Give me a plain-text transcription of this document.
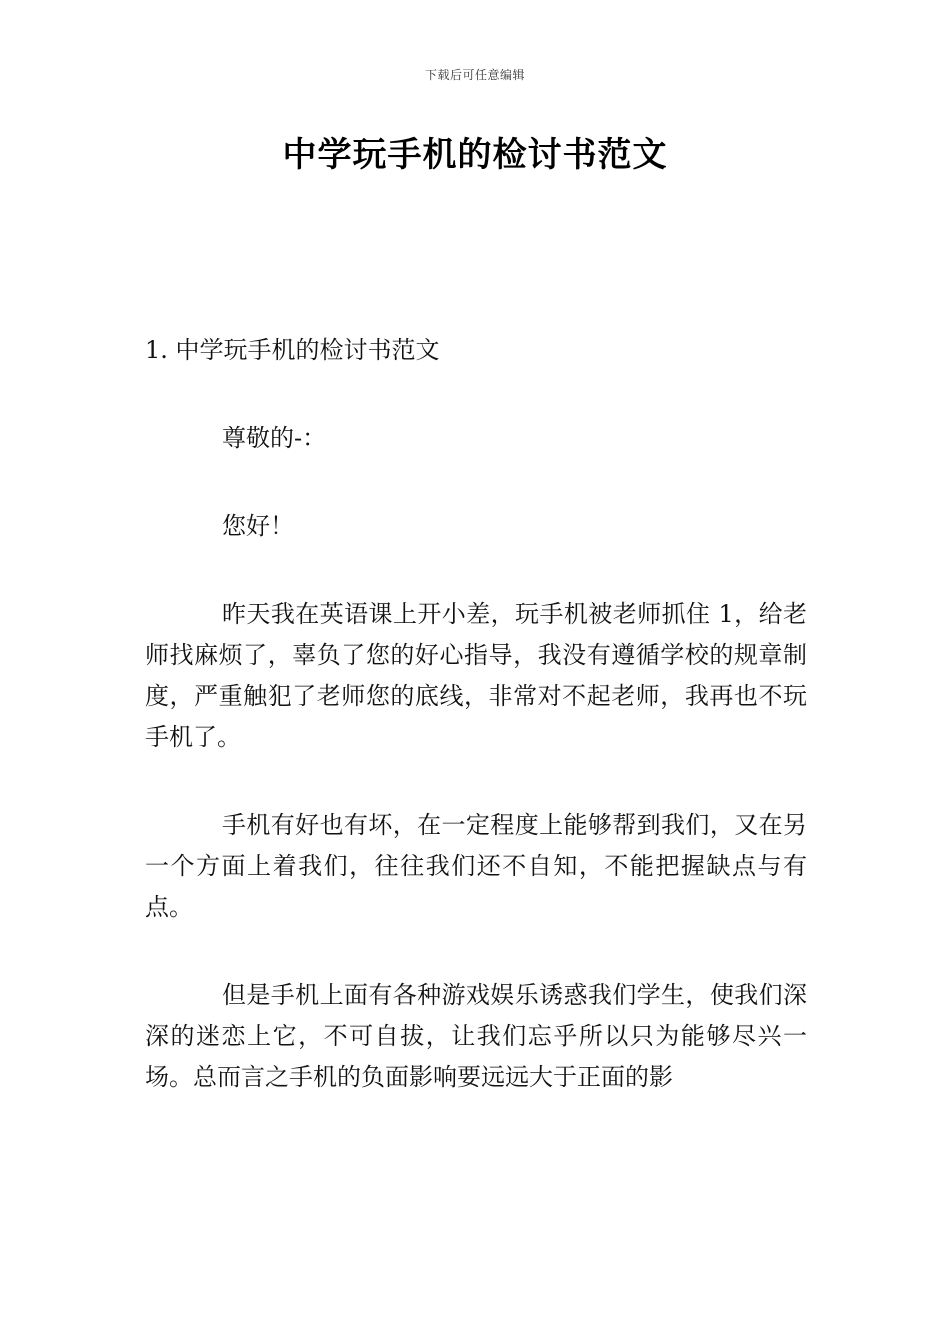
下载后可任意编辑
中学玩手机的检讨书范文

1. 中学玩手机的检讨书范文

尊敬的-：

您好！

昨天我在英语课上开小差，玩手机被老师抓住 1，给老师找麻烦了，辜负了您的好心指导，我没有遵循学校的规章制度，严重触犯了老师您的底线，非常对不起老师，我再也不玩手机了。

手机有好也有坏，在一定程度上能够帮到我们，又在另一个方面上着我们，往往我们还不自知，不能把握缺点与有点。

但是手机上面有各种游戏娱乐诱惑我们学生，使我们深深的迷恋上它，不可自拔，让我们忘乎所以只为能够尽兴一场。总而言之手机的负面影响要远远大于正面的影
